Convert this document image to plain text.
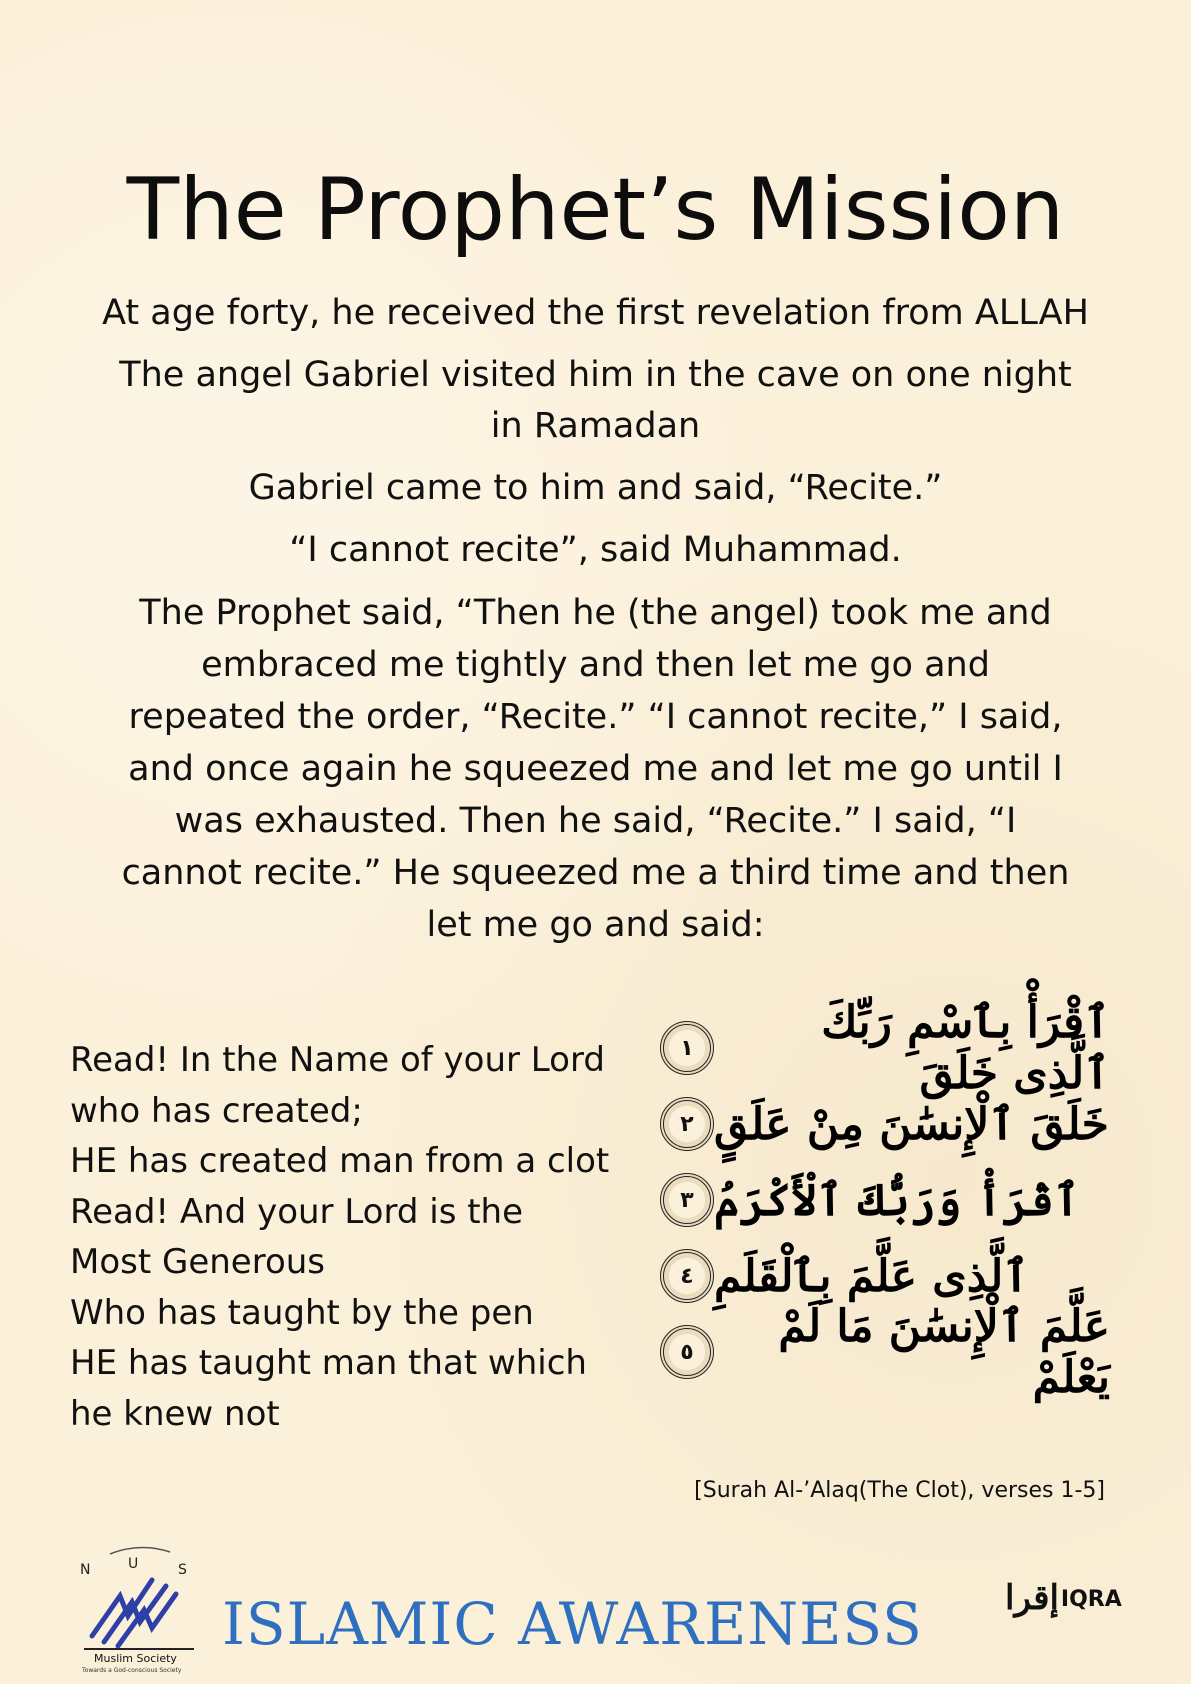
The Prophet’s Mission

At age forty, he received the first revelation from ALLAH

The angel Gabriel visited him in the cave on one night in Ramadan

Gabriel came to him and said, “Recite.”

“I cannot recite”, said Muhammad.

The Prophet said, “Then he (the angel) took me and embraced me tightly and then let me go and repeated the order, “Recite.” “I cannot recite,” I said, and once again he squeezed me and let me go until I was exhausted. Then he said, “Recite.” I said, “I cannot recite.” He squeezed me a third time and then let me go and said:

Read! In the Name of your Lord
who has created;
HE has created man from a clot
Read! And your Lord is the
Most Generous
Who has taught by the pen
HE has taught man that which
he knew not
ٱقْرَأْ بِٱسْمِ رَبِّكَ ٱلَّذِى خَلَقَ
١
خَلَقَ ٱلْإِنسَٰنَ مِنْ عَلَقٍ
٢
ٱقْرَأْ وَرَبُّكَ ٱلْأَكْرَمُ
٣
ٱلَّذِى عَلَّمَ بِٱلْقَلَمِ
٤
عَلَّمَ ٱلْإِنسَٰنَ مَا لَمْ يَعْلَمْ
٥
[Surah Al-’Alaq(The Clot), verses 1-5]
N	U	S
Muslim Society
Towards a God-conscious Society
ISLAMIC AWARENESS إقرا IQRA
